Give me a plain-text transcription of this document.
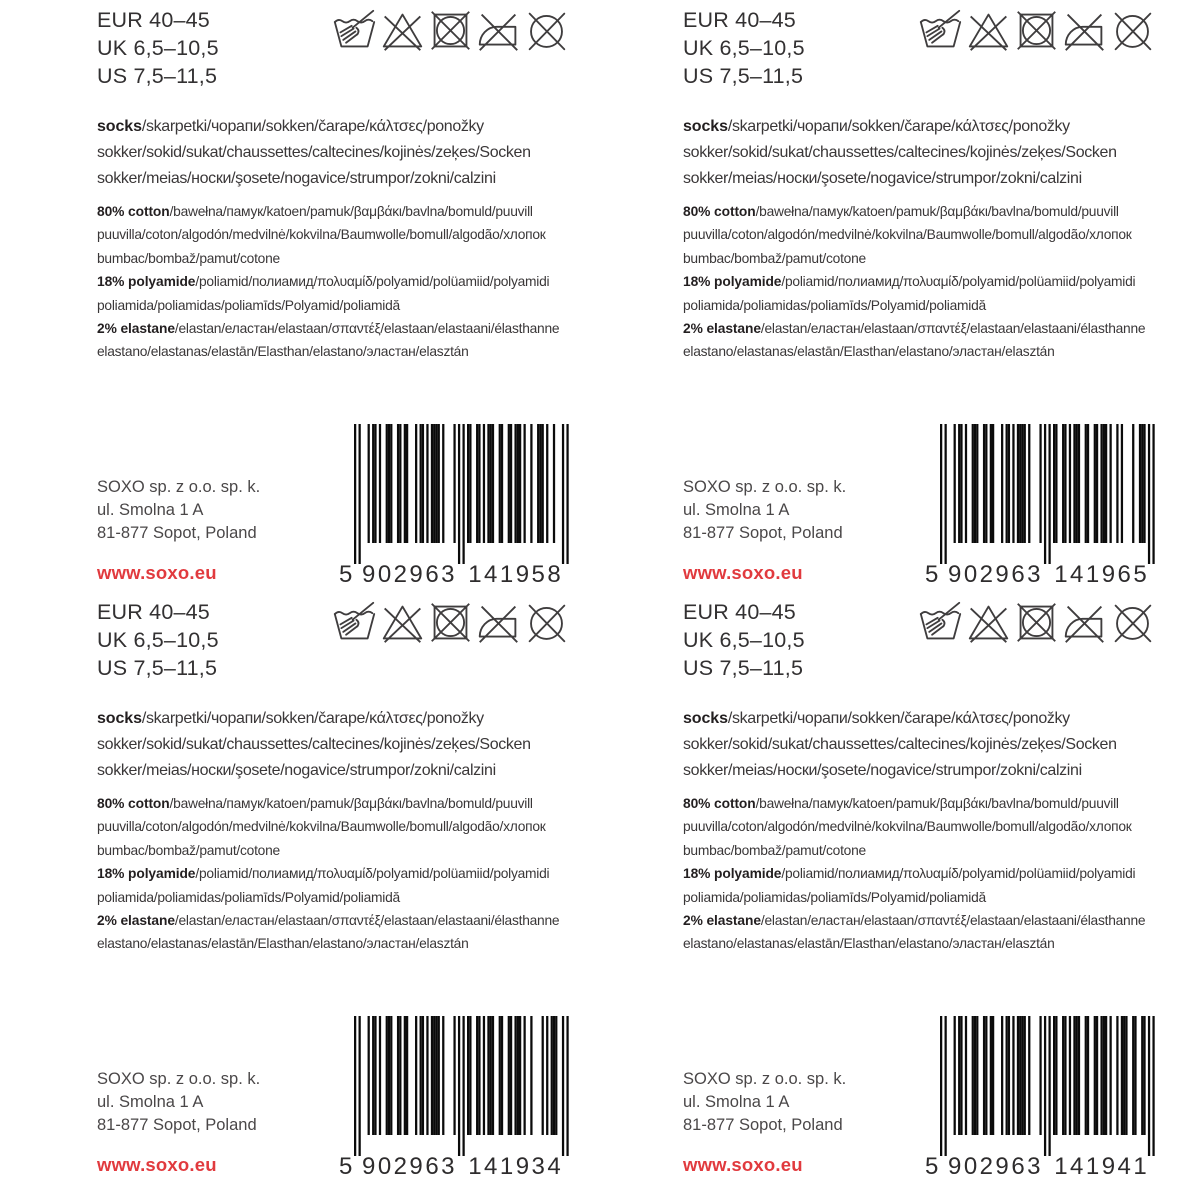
EUR 40–45
UK 6,5–10,5
US 7,5–11,5
socks/skarpetki/чорапи/sokken/čarape/κάλτσες/ponožky
sokker/sokid/sukat/chaussettes/caltecines/kojinės/zeķes/Socken
sokker/meias/носки/şosete/nogavice/strumpor/zokni/calzini
80% cotton/bawełna/памук/katoen/pamuk/βαμβάκι/bavlna/bomuld/puuvill
puuvilla/coton/algodón/medvilnė/kokvilna/Baumwolle/bomull/algodão/хлопок
bumbac/bombaž/pamut/cotone
18% polyamide/poliamid/полиамид/πολυαμίδ/polyamid/polüamiid/polyamidi
poliamida/poliamidas/poliamīds/Polyamid/poliamidă
2% elastane/elastan/еластан/elastaan/σπαντέξ/elastaan/elastaani/élasthanne
elastano/elastanas/elastān/Elasthan/elastano/эластан/elasztán
SOXO sp. z o.o. sp. k.
ul. Smolna 1 A
81-877 Sopot, Poland
www.soxo.eu	5 9 0 2 9 6 3 1 4 1 9 5 8
EUR 40–45
UK 6,5–10,5
US 7,5–11,5
socks/skarpetki/чорапи/sokken/čarape/κάλτσες/ponožky
sokker/sokid/sukat/chaussettes/caltecines/kojinės/zeķes/Socken
sokker/meias/носки/şosete/nogavice/strumpor/zokni/calzini
80% cotton/bawełna/памук/katoen/pamuk/βαμβάκι/bavlna/bomuld/puuvill
puuvilla/coton/algodón/medvilnė/kokvilna/Baumwolle/bomull/algodão/хлопок
bumbac/bombaž/pamut/cotone
18% polyamide/poliamid/полиамид/πολυαμίδ/polyamid/polüamiid/polyamidi
poliamida/poliamidas/poliamīds/Polyamid/poliamidă
2% elastane/elastan/еластан/elastaan/σπαντέξ/elastaan/elastaani/élasthanne
elastano/elastanas/elastān/Elasthan/elastano/эластан/elasztán
SOXO sp. z o.o. sp. k.
ul. Smolna 1 A
81-877 Sopot, Poland
www.soxo.eu	5 9 0 2 9 6 3 1 4 1 9 6 5
EUR 40–45
UK 6,5–10,5
US 7,5–11,5
socks/skarpetki/чорапи/sokken/čarape/κάλτσες/ponožky
sokker/sokid/sukat/chaussettes/caltecines/kojinės/zeķes/Socken
sokker/meias/носки/şosete/nogavice/strumpor/zokni/calzini
80% cotton/bawełna/памук/katoen/pamuk/βαμβάκι/bavlna/bomuld/puuvill
puuvilla/coton/algodón/medvilnė/kokvilna/Baumwolle/bomull/algodão/хлопок
bumbac/bombaž/pamut/cotone
18% polyamide/poliamid/полиамид/πολυαμίδ/polyamid/polüamiid/polyamidi
poliamida/poliamidas/poliamīds/Polyamid/poliamidă
2% elastane/elastan/еластан/elastaan/σπαντέξ/elastaan/elastaani/élasthanne
elastano/elastanas/elastān/Elasthan/elastano/эластан/elasztán
SOXO sp. z o.o. sp. k.
ul. Smolna 1 A
81-877 Sopot, Poland
www.soxo.eu	5 9 0 2 9 6 3 1 4 1 9 3 4
EUR 40–45
UK 6,5–10,5
US 7,5–11,5
socks/skarpetki/чорапи/sokken/čarape/κάλτσες/ponožky
sokker/sokid/sukat/chaussettes/caltecines/kojinės/zeķes/Socken
sokker/meias/носки/şosete/nogavice/strumpor/zokni/calzini
80% cotton/bawełna/памук/katoen/pamuk/βαμβάκι/bavlna/bomuld/puuvill
puuvilla/coton/algodón/medvilnė/kokvilna/Baumwolle/bomull/algodão/хлопок
bumbac/bombaž/pamut/cotone
18% polyamide/poliamid/полиамид/πολυαμίδ/polyamid/polüamiid/polyamidi
poliamida/poliamidas/poliamīds/Polyamid/poliamidă
2% elastane/elastan/еластан/elastaan/σπαντέξ/elastaan/elastaani/élasthanne
elastano/elastanas/elastān/Elasthan/elastano/эластан/elasztán
SOXO sp. z o.o. sp. k.
ul. Smolna 1 A
81-877 Sopot, Poland
www.soxo.eu	5 9 0 2 9 6 3 1 4 1 9 4 1
